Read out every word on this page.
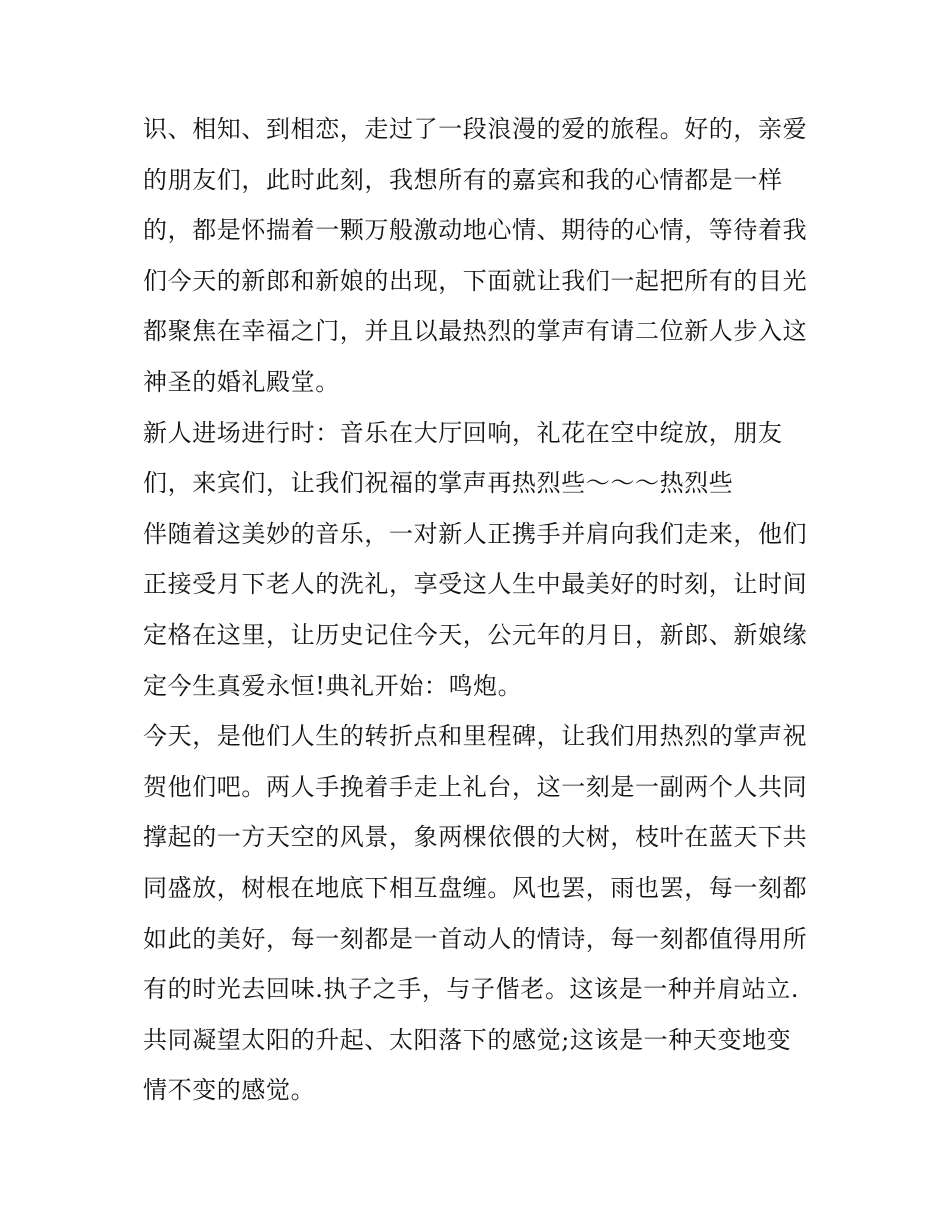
识、相知、到相恋，走过了一段浪漫的爱的旅程。好的，亲爱

的朋友们，此时此刻，我想所有的嘉宾和我的心情都是一样

的，都是怀揣着一颗万般激动地心情、期待的心情，等待着我

们今天的新郎和新娘的出现，下面就让我们一起把所有的目光

都聚焦在幸福之门，并且以最热烈的掌声有请二位新人步入这

神圣的婚礼殿堂。

新人进场进行时：音乐在大厅回响，礼花在空中绽放，朋友

们，来宾们，让我们祝福的掌声再热烈些～～～热烈些

伴随着这美妙的音乐，一对新人正携手并肩向我们走来，他们

正接受月下老人的洗礼，享受这人生中最美好的时刻，让时间

定格在这里，让历史记住今天，公元年的月日，新郎、新娘缘

定今生真爱永恒!典礼开始：鸣炮。

今天，是他们人生的转折点和里程碑，让我们用热烈的掌声祝

贺他们吧。两人手挽着手走上礼台，这一刻是一副两个人共同

撑起的一方天空的风景，象两棵依偎的大树，枝叶在蓝天下共

同盛放，树根在地底下相互盘缠。风也罢，雨也罢，每一刻都

如此的美好，每一刻都是一首动人的情诗，每一刻都值得用所

有的时光去回味.执子之手，与子偕老。这该是一种并肩站立.

共同凝望太阳的升起、太阳落下的感觉;这该是一种天变地变

情不变的感觉。
